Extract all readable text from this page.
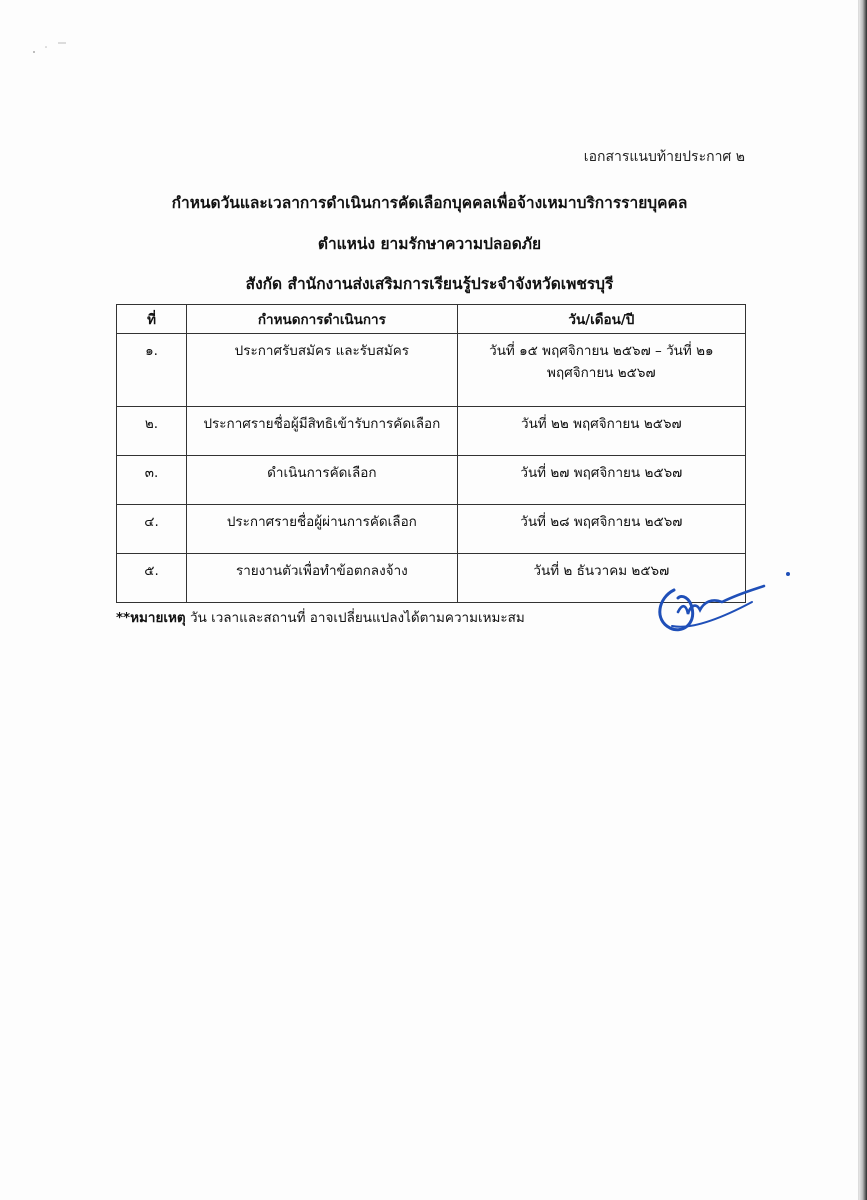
เอกสารแนบท้ายประกาศ ๒
กำหนดวันและเวลาการดำเนินการคัดเลือกบุคคลเพื่อจ้างเหมาบริการรายบุคคล
ตำแหน่ง ยามรักษาความปลอดภัย
สังกัด สำนักงานส่งเสริมการเรียนรู้ประจำจังหวัดเพชรบุรี
ที่	กำหนดการดำเนินการ	วัน/เดือน/ปี
๑.	ประกาศรับสมัคร และรับสมัคร	วันที่ ๑๕ พฤศจิกายน ๒๕๖๗ – วันที่ ๒๑ พฤศจิกายน ๒๕๖๗
๒.	ประกาศรายชื่อผู้มีสิทธิเข้ารับการคัดเลือก	วันที่ ๒๒ พฤศจิกายน ๒๕๖๗
๓.	ดำเนินการคัดเลือก	วันที่ ๒๗ พฤศจิกายน ๒๕๖๗
๔.	ประกาศรายชื่อผู้ผ่านการคัดเลือก	วันที่ ๒๘ พฤศจิกายน ๒๕๖๗
๕.	รายงานตัวเพื่อทำข้อตกลงจ้าง	วันที่ ๒ ธันวาคม ๒๕๖๗
**หมายเหตุ วัน เวลาและสถานที่ อาจเปลี่ยนแปลงได้ตามความเหมะสม
